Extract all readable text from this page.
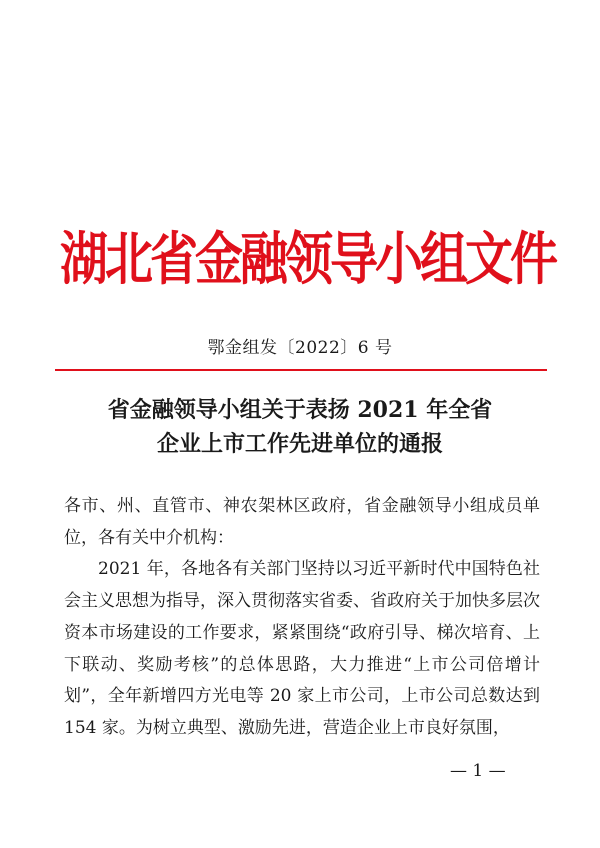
湖北省金融领导小组文件
鄂金组发〔2022〕6 号
省金融领导小组关于表扬 2021 年全省
企业上市工作先进单位的通报

各市、州、直管市、神农架林区政府，省金融领导小组成员单位，各有关中介机构：

2021 年，各地各有关部门坚持以习近平新时代中国特色社会主义思想为指导，深入贯彻落实省委、省政府关于加快多层次资本市场建设的工作要求，紧紧围绕“政府引导、梯次培育、上下联动、奖励考核”的总体思路，大力推进“上市公司倍增计划”，全年新增四方光电等 20 家上市公司，上市公司总数达到 154 家。为树立典型、激励先进，营造企业上市良好氛围，

— 1 —
